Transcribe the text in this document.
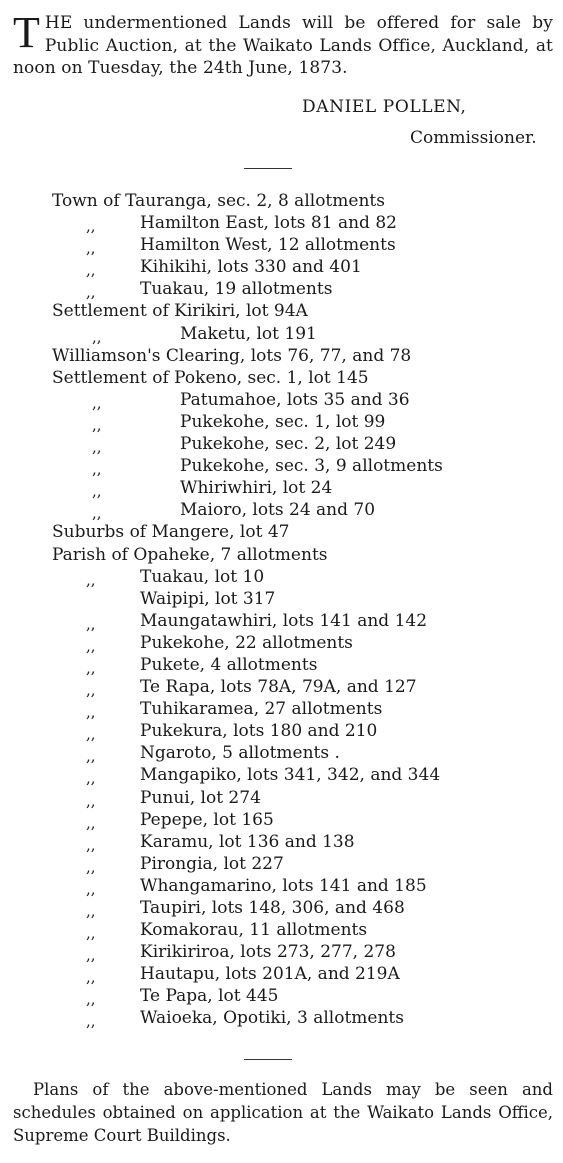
T HE undermentioned Lands will be offered for sale by Public Auction, at the Waikato Lands Office, Auckland, at noon on Tuesday, the 24th June, 1873.
DANIEL POLLEN,
Commissioner.
Town of Tauranga, sec. 2, 8 allotments
,,	Hamilton East, lots 81 and 82
,,	Hamilton West, 12 allotments
,,	Kihikihi, lots 330 and 401
,,	Tuakau, 19 allotments
Settlement of Kirikiri, lot 94A
,,	Maketu, lot 191
Williamson's Clearing, lots 76, 77, and 78
Settlement of Pokeno, sec. 1, lot 145
,,	Patumahoe, lots 35 and 36
,,	Pukekohe, sec. 1, lot 99
,,	Pukekohe, sec. 2, lot 249
,,	Pukekohe, sec. 3, 9 allotments
,,	Whiriwhiri, lot 24
,,	Maioro, lots 24 and 70
Suburbs of Mangere, lot 47
Parish of Opaheke, 7 allotments
,,	Tuakau, lot 10
Waipipi, lot 317
,,	Maungatawhiri, lots 141 and 142
,,	Pukekohe, 22 allotments
,,	Pukete, 4 allotments
,,	Te Rapa, lots 78A, 79A, and 127
,,	Tuhikaramea, 27 allotments
,,	Pukekura, lots 180 and 210
,,	Ngaroto, 5 allotments .
,,	Mangapiko, lots 341, 342, and 344
,,	Punui, lot 274
,,	Pepepe, lot 165
,,	Karamu, lot 136 and 138
,,	Pirongia, lot 227
,,	Whangamarino, lots 141 and 185
,,	Taupiri, lots 148, 306, and 468
,,	Komakorau, 11 allotments
,,	Kirikiriroa, lots 273, 277, 278
,,	Hautapu, lots 201A, and 219A
,,	Te Papa, lot 445
,,	Waioeka, Opotiki, 3 allotments
Plans of the above-mentioned Lands may be seen and schedules obtained on application at the Waikato Lands Office, Supreme Court Buildings.
